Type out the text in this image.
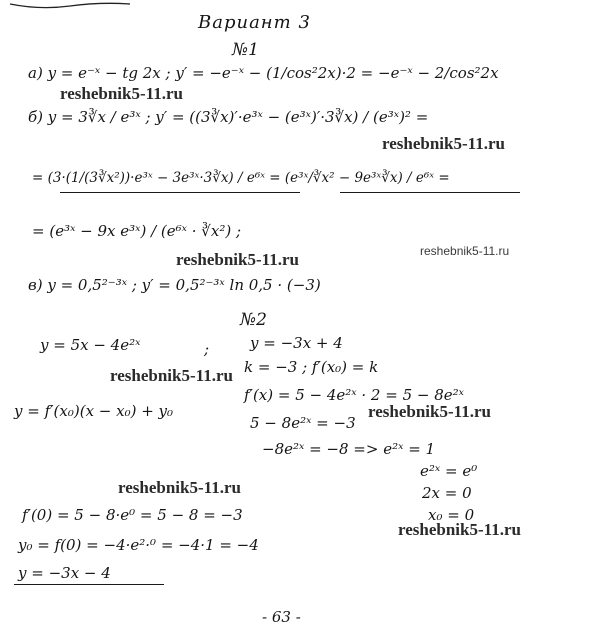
Вариант 3
№1
а) y = e⁻ˣ − tg 2x ; y′ = −e⁻ˣ − (1/cos²2x)·2 = −e⁻ˣ − 2/cos²2x
reshebnik5-11.ru
б) y = 3∛x / e³ˣ ; y′ = ((3∛x)′·e³ˣ − (e³ˣ)′·3∛x) / (e³ˣ)² =
reshebnik5-11.ru
= (3·(1/(3∛x²))·e³ˣ − 3e³ˣ·3∛x) / e⁶ˣ = (e³ˣ/∛x² − 9e³ˣ∛x) / e⁶ˣ =
= (e³ˣ − 9x e³ˣ) / (e⁶ˣ · ∛x²) ;
reshebnik5-11.ru
reshebnik5-11.ru
в) y = 0,5²⁻³ˣ ; y′ = 0,5²⁻³ˣ ln 0,5 · (−3)
№2
y = 5x − 4e²ˣ	;	y = −3x + 4
k = −3 ; f′(x₀) = k
reshebnik5-11.ru
f′(x) = 5 − 4e²ˣ · 2 = 5 − 8e²ˣ
y = f′(x₀)(x − x₀) + y₀	reshebnik5-11.ru
5 − 8e²ˣ = −3
−8e²ˣ = −8 => e²ˣ = 1
e²ˣ = e⁰
reshebnik5-11.ru	2x = 0
x₀ = 0
f′(0) = 5 − 8·e⁰ = 5 − 8 = −3
reshebnik5-11.ru
y₀ = f(0) = −4·e²·⁰ = −4·1 = −4
y = −3x − 4
- 63 -
